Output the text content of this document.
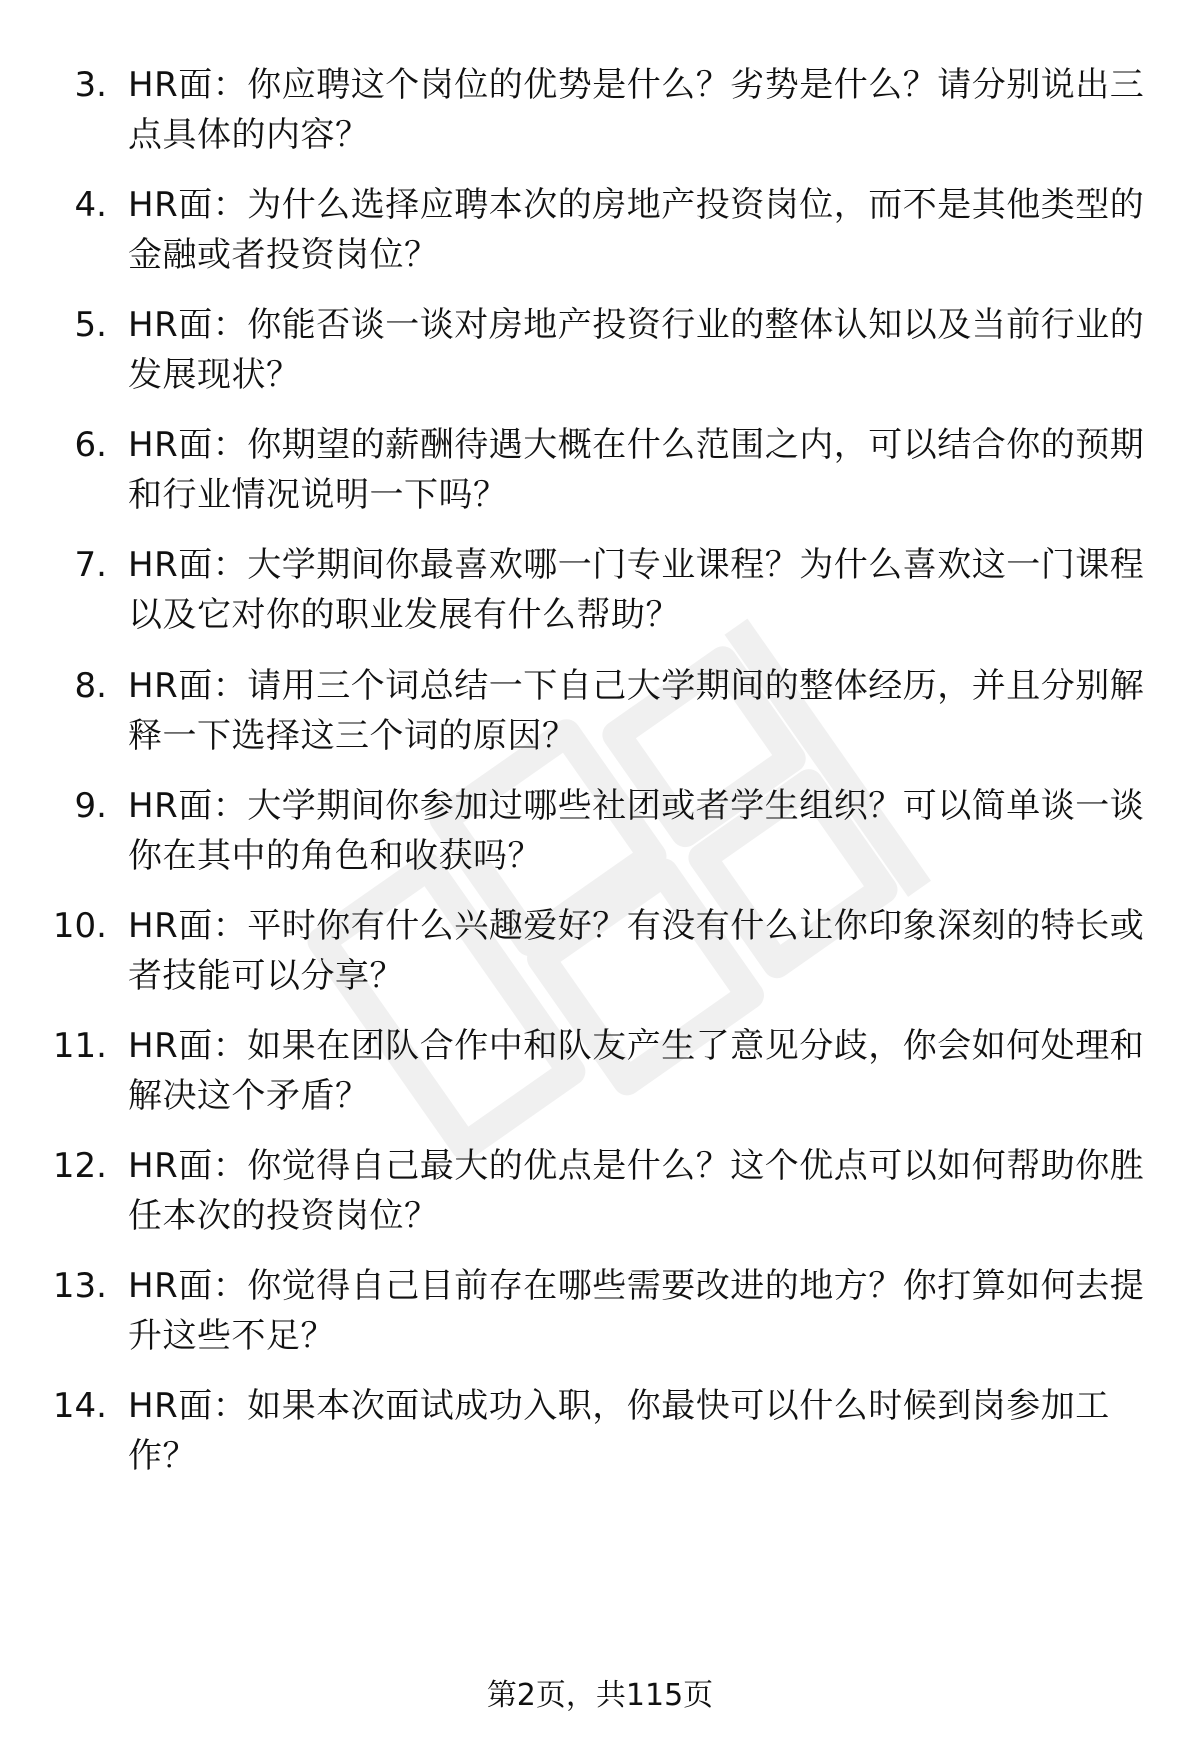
3. HR面：你应聘这个岗位的优势是什么？劣势是什么？请分别说出三点具体的内容？
4. HR面：为什么选择应聘本次的房地产投资岗位，而不是其他类型的金融或者投资岗位？
5. HR面：你能否谈一谈对房地产投资行业的整体认知以及当前行业的发展现状？
6. HR面：你期望的薪酬待遇大概在什么范围之内，可以结合你的预期和行业情况说明一下吗？
7. HR面：大学期间你最喜欢哪一门专业课程？为什么喜欢这一门课程以及它对你的职业发展有什么帮助？
8. HR面：请用三个词总结一下自己大学期间的整体经历，并且分别解释一下选择这三个词的原因？
9. HR面：大学期间你参加过哪些社团或者学生组织？可以简单谈一谈你在其中的角色和收获吗？
10. HR面：平时你有什么兴趣爱好？有没有什么让你印象深刻的特长或者技能可以分享？
11. HR面：如果在团队合作中和队友产生了意见分歧，你会如何处理和解决这个矛盾？
12. HR面：你觉得自己最大的优点是什么？这个优点可以如何帮助你胜任本次的投资岗位？
13. HR面：你觉得自己目前存在哪些需要改进的地方？你打算如何去提升这些不足？
14. HR面：如果本次面试成功入职，你最快可以什么时候到岗参加工作？
第2页，共115页
